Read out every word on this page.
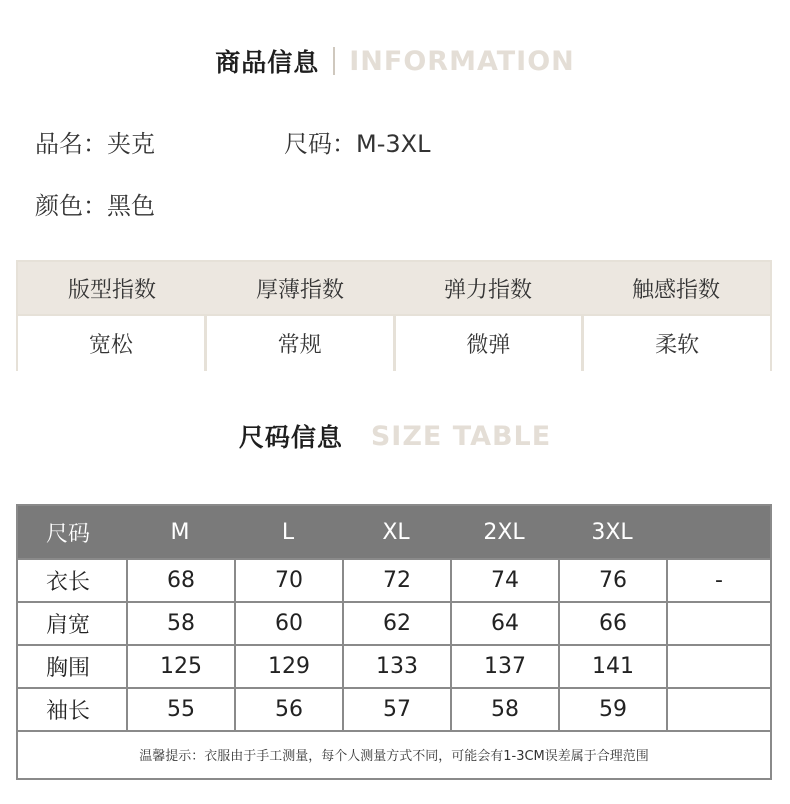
商品信息 INFORMATION
品名：夹克	尺码：M-3XL
颜色：黑色
版型指数	厚薄指数	弹力指数	触感指数
宽松	常规	微弹	柔软
尺码信息 SIZE TABLE
尺码	M	L	XL	2XL	3XL
衣长	68	70	72	74	76	-
肩宽	58	60	62	64	66
胸围	125	129	133	137	141
袖长	55	56	57	58	59
温馨提示：衣服由于手工测量，每个人测量方式不同，可能会有1-3CM误差属于合理范围
